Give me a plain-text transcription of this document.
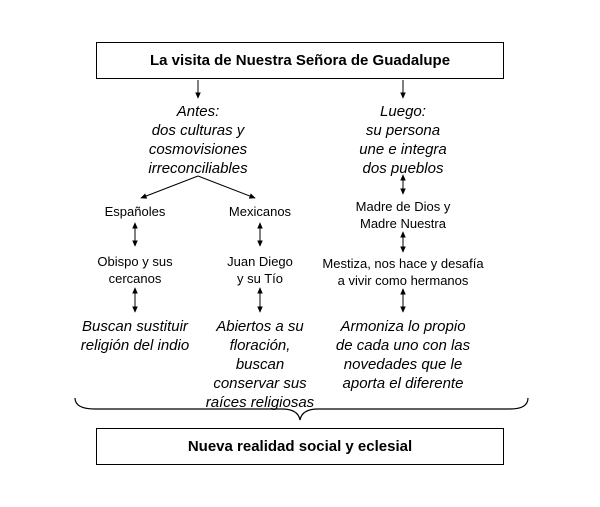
La visita de Nuestra Señora de Guadalupe
Antes:
dos culturas y
cosmovisiones
irreconciliables
Luego:
su persona
une e integra
dos pueblos
Españoles
Obispo y sus
cercanos
Buscan sustituir
religión del indio
Mexicanos
Juan Diego
y su Tío
Abiertos a su
floración,
buscan
conservar sus
raíces religiosas
Madre de Dios y
Madre Nuestra
Mestiza, nos hace y desafía
a vivir como hermanos
Armoniza lo propio
de cada uno con las
novedades que le
aporta el diferente
Nueva realidad social y eclesial
